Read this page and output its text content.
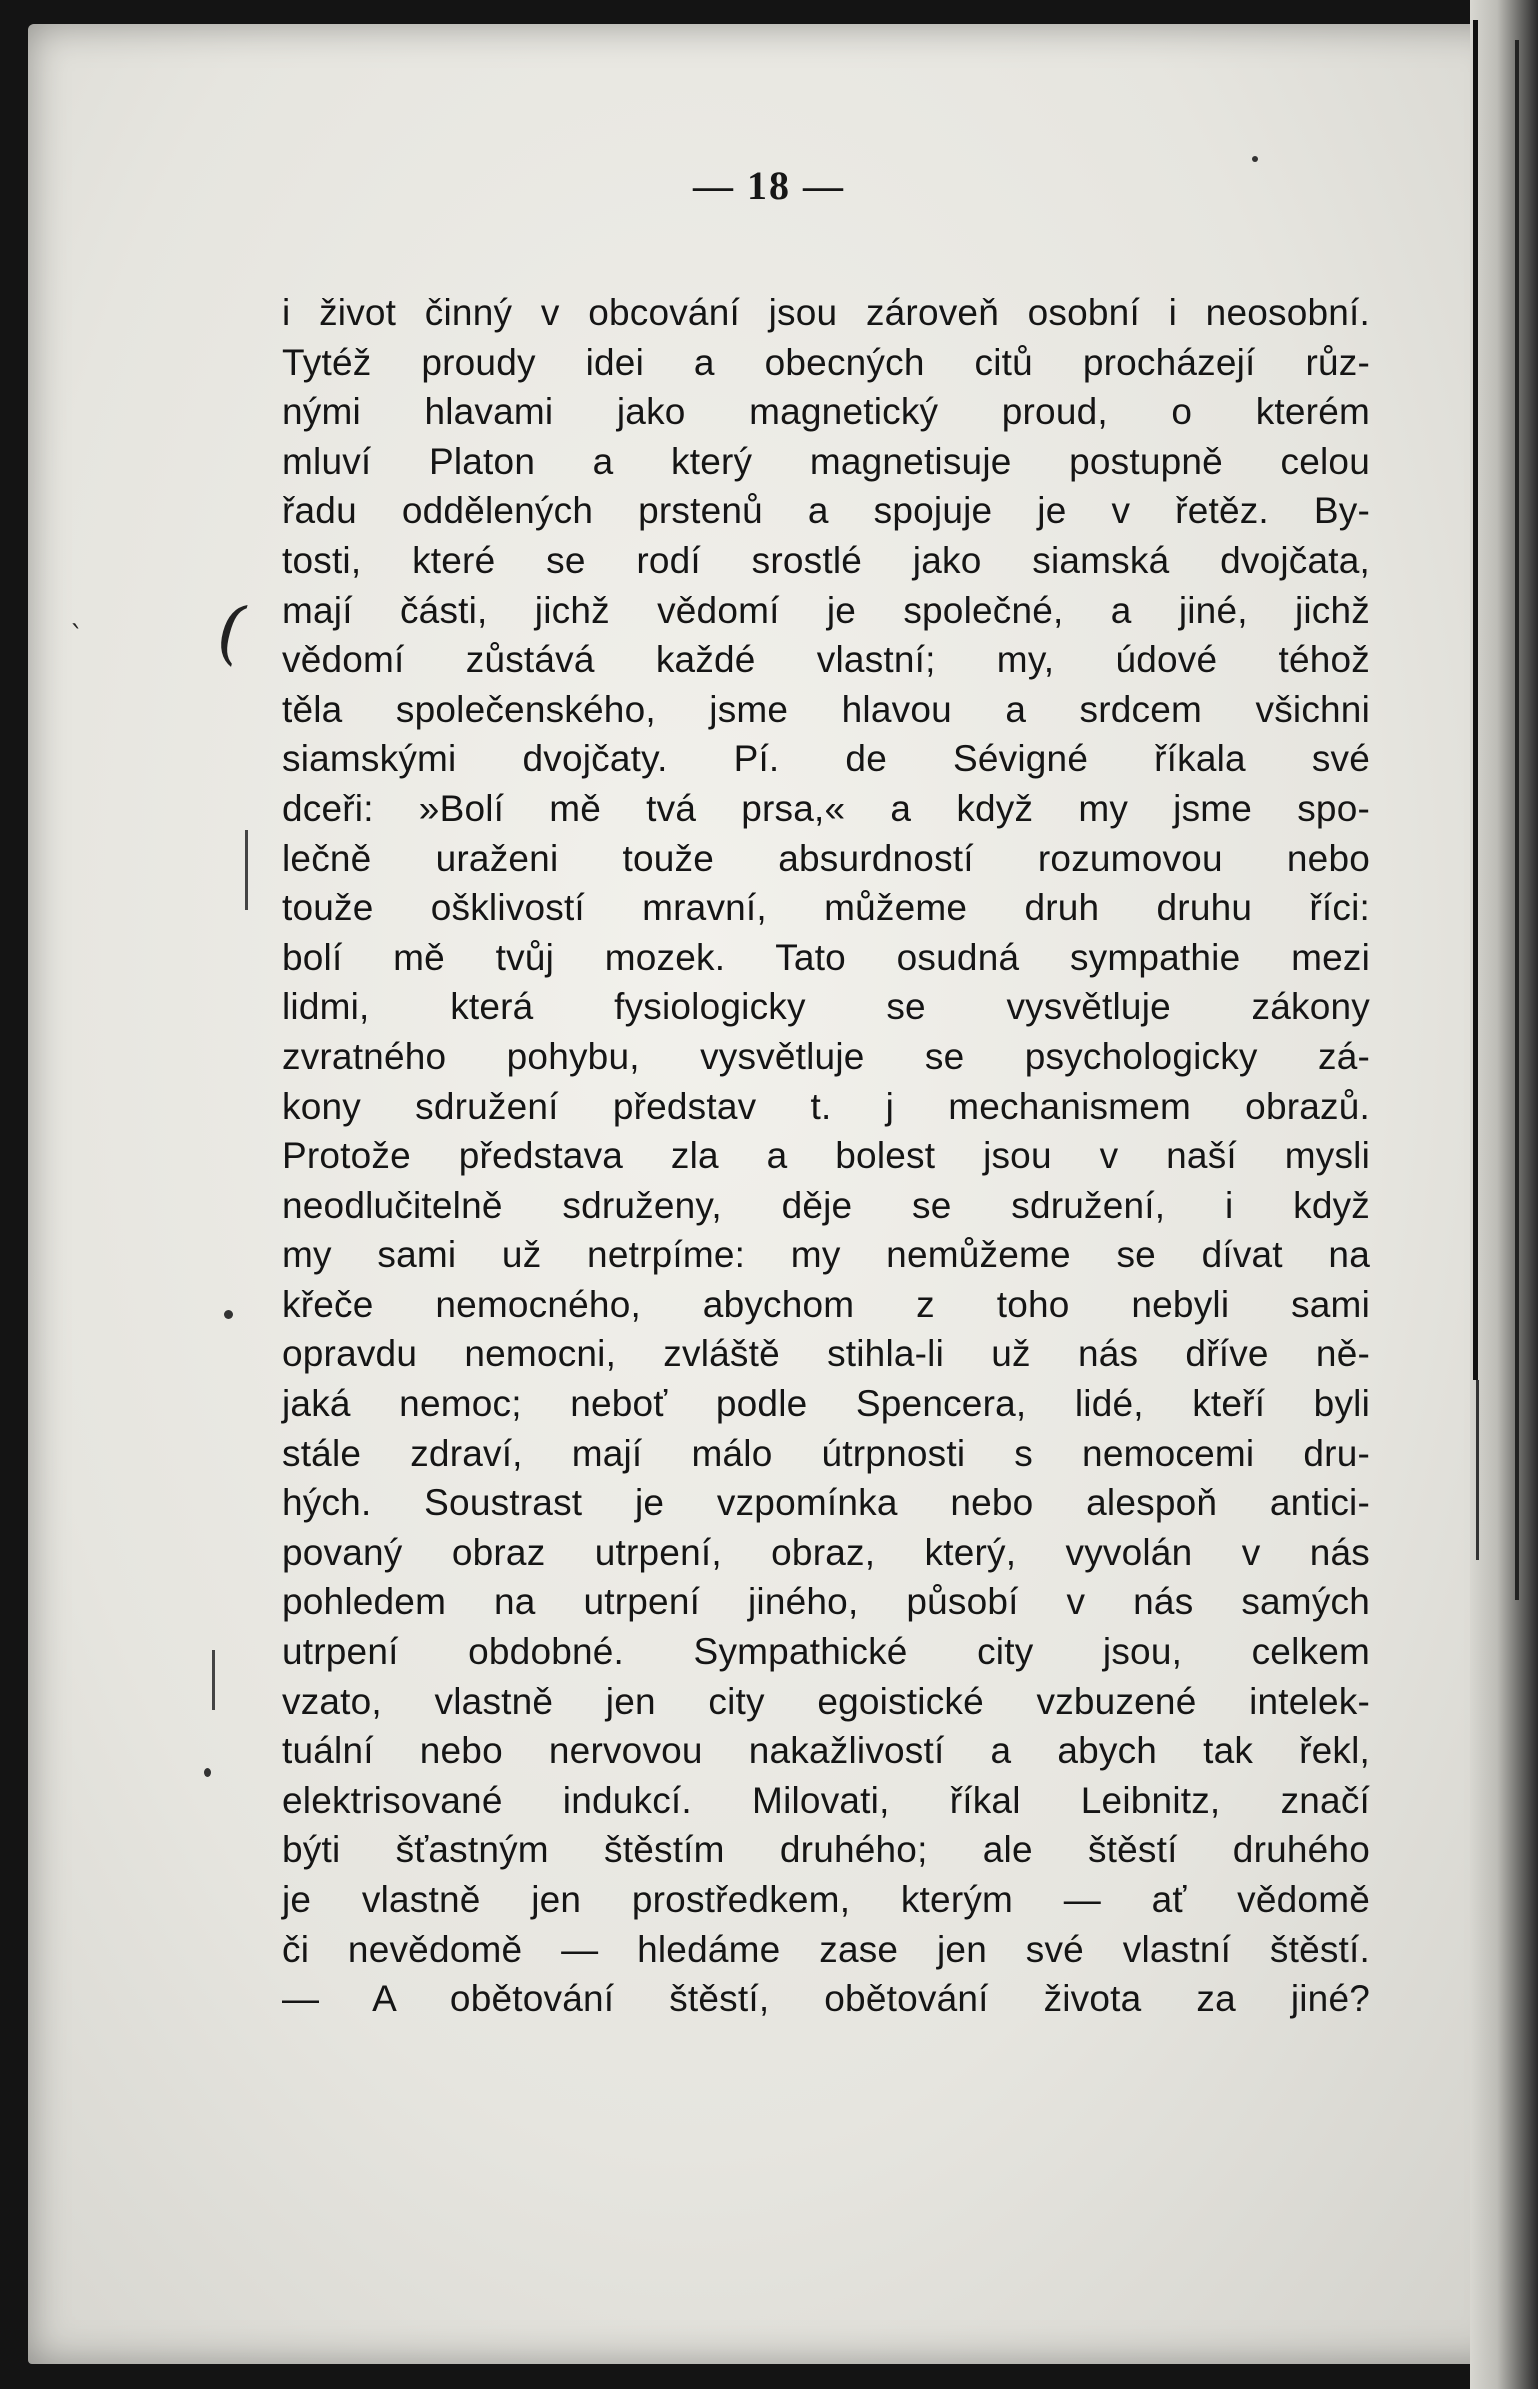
(
ˋ
— 18 —
i život činný v obcování jsou zároveň osobní i neosobní.
Tytéž proudy idei a obecných citů procházejí růz-
nými hlavami jako magnetický proud, o kterém
mluví Platon a který magnetisuje postupně celou
řadu oddělených prstenů a spojuje je v řetěz. By-
tosti, které se rodí srostlé jako siamská dvojčata,
mají části, jichž vědomí je společné, a jiné, jichž
vědomí zůstává každé vlastní; my, údové téhož
těla společenského, jsme hlavou a srdcem všichni
siamskými dvojčaty. Pí. de Sévigné říkala své
dceři: »Bolí mě tvá prsa,« a když my jsme spo-
lečně uraženi touže absurdností rozumovou nebo
touže ošklivostí mravní, můžeme druh druhu říci:
bolí mě tvůj mozek. Tato osudná sympathie mezi
lidmi, která fysiologicky se vysvětluje zákony
zvratného pohybu, vysvětluje se psychologicky zá-
kony sdružení představ t. j mechanismem obrazů.
Protože představa zla a bolest jsou v naší mysli
neodlučitelně sdruženy, děje se sdružení, i když
my sami už netrpíme: my nemůžeme se dívat na
křeče nemocného, abychom z toho nebyli sami
opravdu nemocni, zvláště stihla-li už nás dříve ně-
jaká nemoc; neboť podle Spencera, lidé, kteří byli
stále zdraví, mají málo útrpnosti s nemocemi dru-
hých. Soustrast je vzpomínka nebo alespoň antici-
povaný obraz utrpení, obraz, který, vyvolán v nás
pohledem na utrpení jiného, působí v nás samých
utrpení obdobné. Sympathické city jsou, celkem
vzato, vlastně jen city egoistické vzbuzené intelek-
tuální nebo nervovou nakažlivostí a abych tak řekl,
elektrisované indukcí. Milovati, říkal Leibnitz, značí
býti šťastným štěstím druhého; ale štěstí druhého
je vlastně jen prostředkem, kterým — ať vědomě
či nevědomě — hledáme zase jen své vlastní štěstí.
— A obětování štěstí, obětování života za jiné?
